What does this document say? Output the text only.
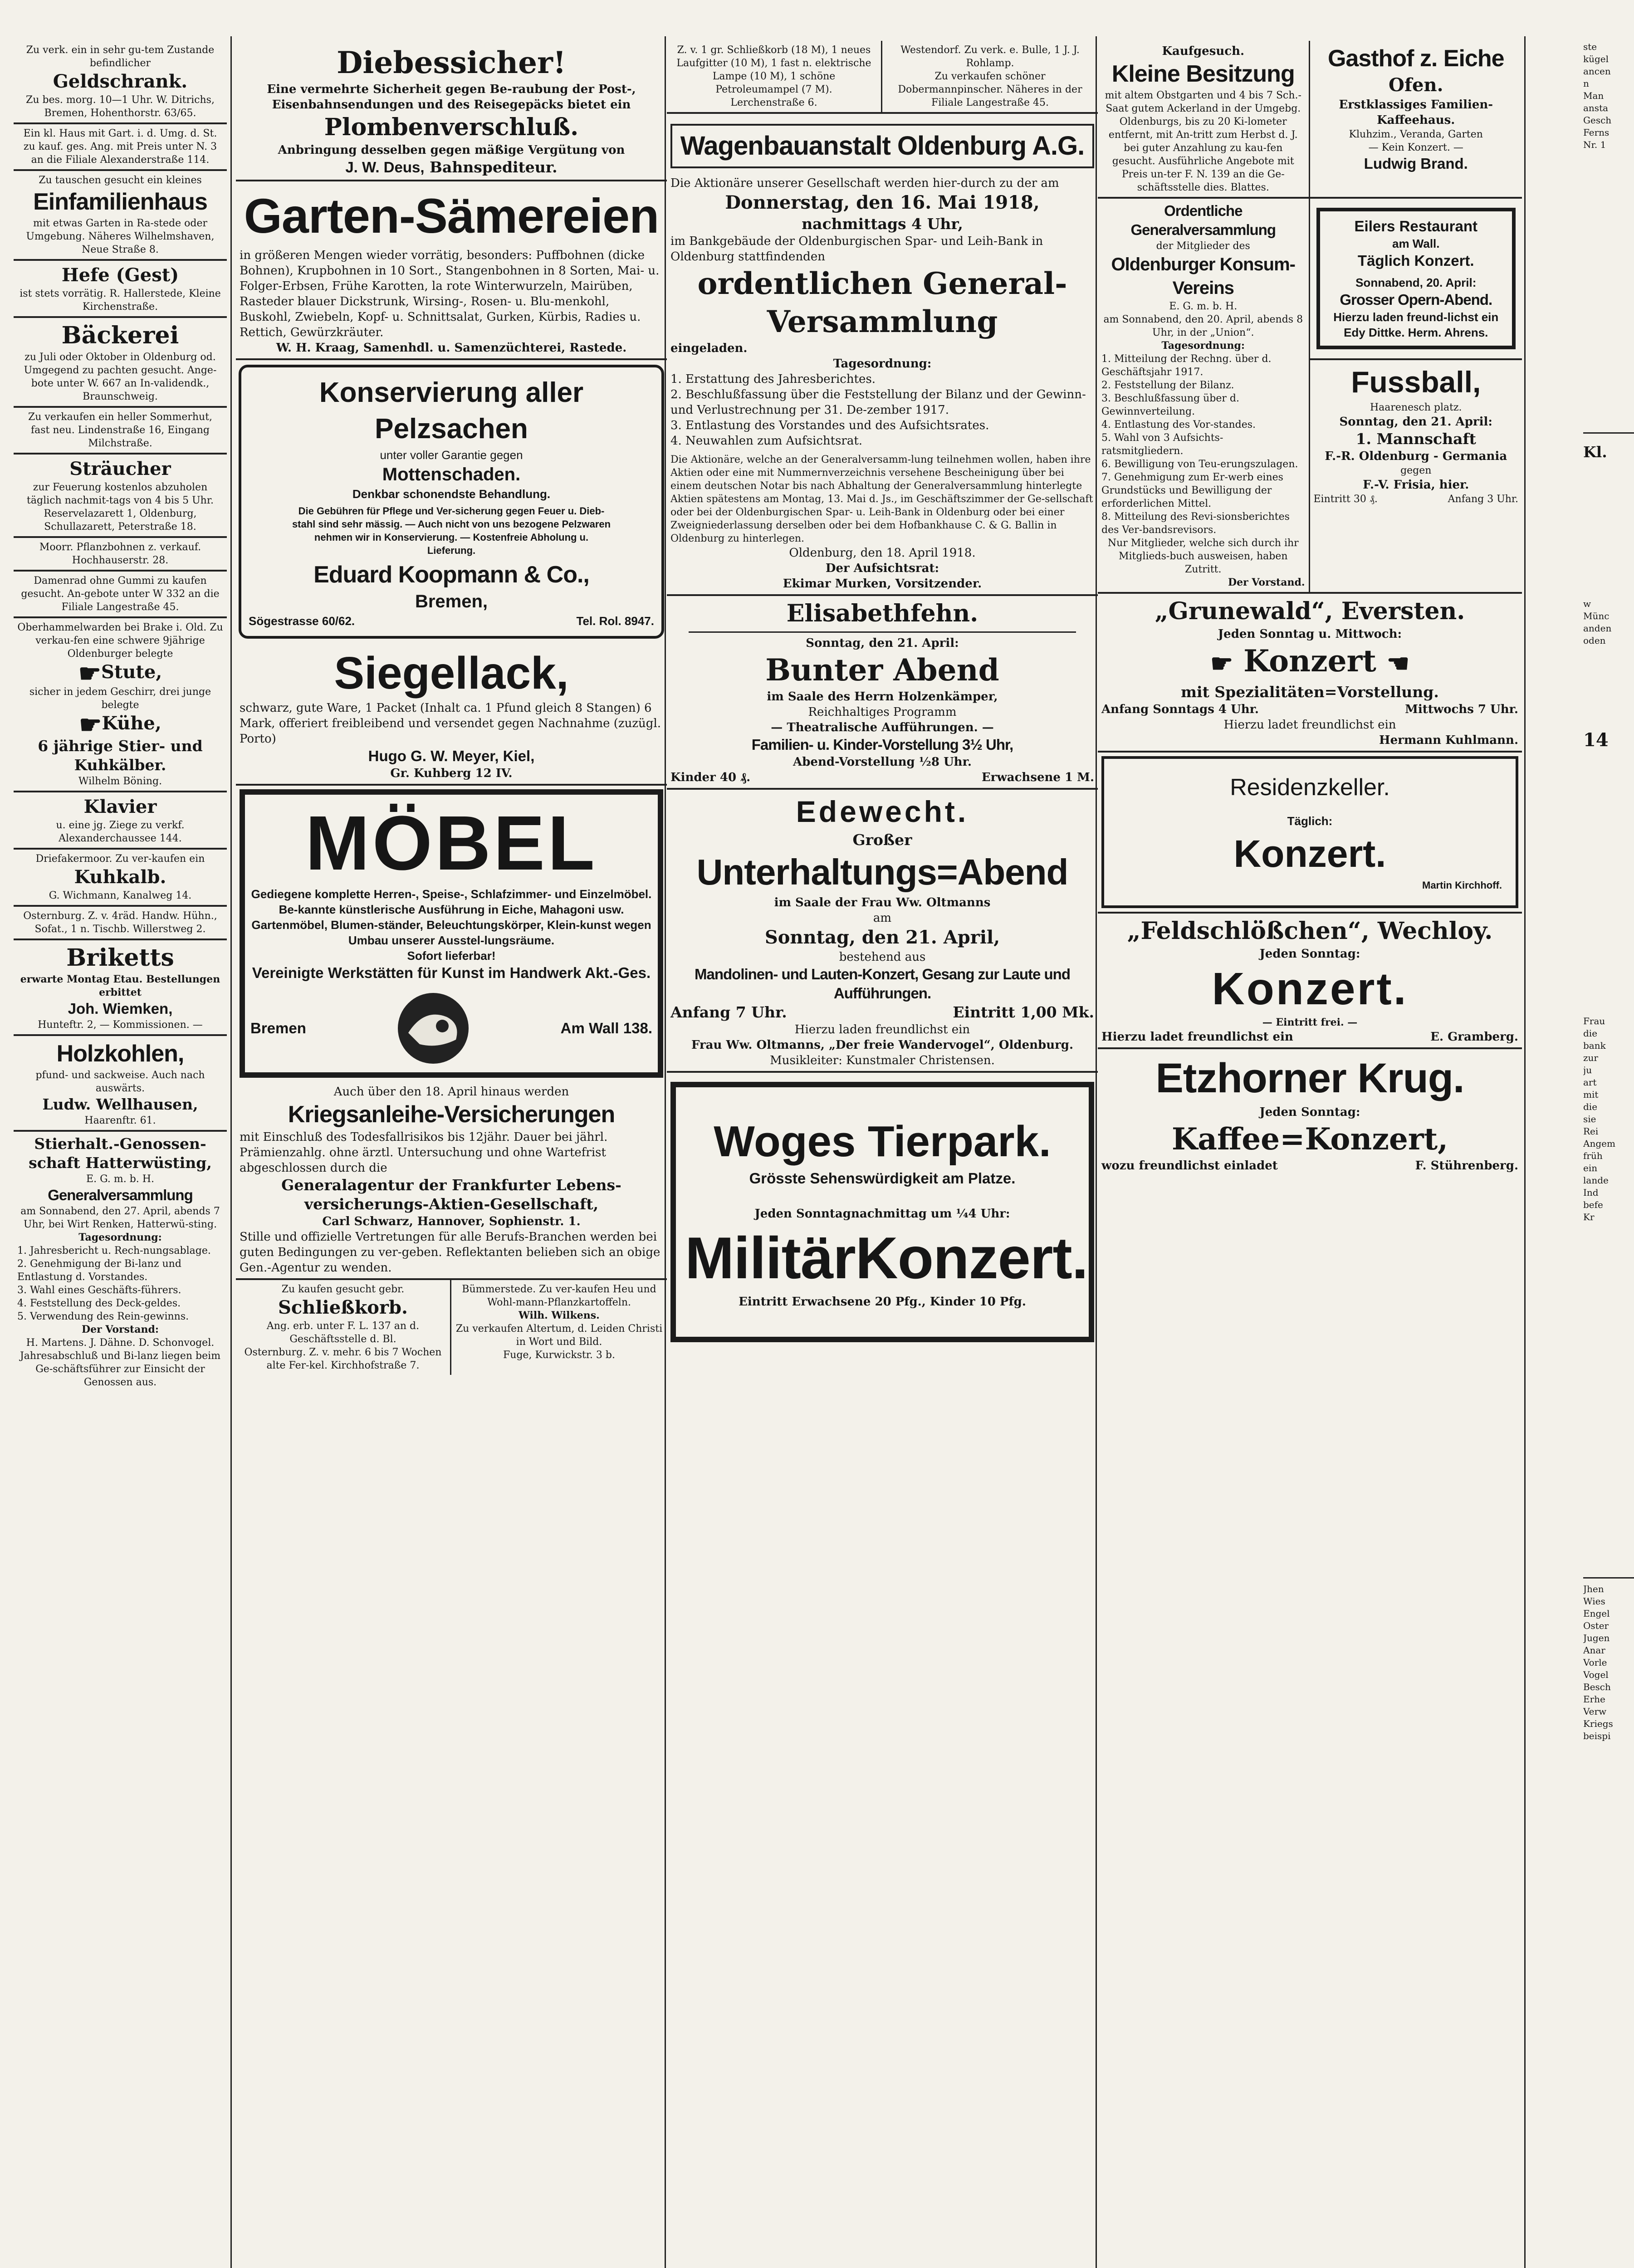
Zu verk. ein in sehr gu-tem Zustande befindlicher
Geldschrank.
Zu bes. morg. 10—1 Uhr. W. Ditrichs, Bremen, Hohenthorstr. 63/65.
Ein kl. Haus mit Gart. i. d. Umg. d. St. zu kauf. ges. Ang. mit Preis unter N. 3 an die Filiale Alexanderstraße 114.
Zu tauschen gesucht ein kleines
Einfamilienhaus
mit etwas Garten in Ra-stede oder Umgebung. Näheres Wilhelmshaven, Neue Straße 8.
Hefe (Gest)
ist stets vorrätig. R. Hallerstede, Kleine Kirchenstraße.
Bäckerei
zu Juli oder Oktober in Oldenburg od. Umgegend zu pachten gesucht. Ange-bote unter W. 667 an In-validendk., Braunschweig.
Zu verkaufen ein heller Sommerhut, fast neu. Lindenstraße 16, Eingang Milchstraße.
Sträucher
zur Feuerung kostenlos abzuholen täglich nachmit-tags von 4 bis 5 Uhr. Reservelazarett 1, Oldenburg, Schullazarett, Peterstraße 18.
Moorr. Pflanzbohnen z. verkauf. Hochhauserstr. 28.
Damenrad ohne Gummi zu kaufen gesucht. An-gebote unter W 332 an die Filiale Langestraße 45.
Oberhammelwarden bei Brake i. Old. Zu verkau-fen eine schwere 9jährige Oldenburger belegte
☛Stute,
sicher in jedem Geschirr, drei junge belegte
☛Kühe,
6 jährige Stier- und Kuhkälber.
Wilhelm Böning.
Klavier
u. eine jg. Ziege zu verkf. Alexanderchaussee 144.
Driefakermoor. Zu ver-kaufen ein
Kuhkalb.
G. Wichmann, Kanalweg 14.
Osternburg. Z. v. 4räd. Handw. Hühn., Sofat., 1 n. Tischb. Willerstweg 2.
Briketts
erwarte Montag Etau. Bestellungen erbittet
Joh. Wiemken,
Hunteftr. 2, — Kommissionen. —
Holzkohlen,
pfund- und sackweise. Auch nach auswärts.
Ludw. Wellhausen,
Haarenftr. 61.
Stierhalt.-Genossen-schaft Hatterwüsting,
E. G. m. b. H.
Generalversammlung
am Sonnabend, den 27. April, abends 7 Uhr, bei Wirt Renken, Hatterwü-sting.
Tagesordnung:
1. Jahresbericht u. Rech-nungsablage.
2. Genehmigung der Bi-lanz und Entlastung d. Vorstandes.
3. Wahl eines Geschäfts-führers.
4. Feststellung des Deck-geldes.
5. Verwendung des Rein-gewinns.
Der Vorstand:
H. Martens. J. Dähne. D. Schonvogel.
Jahresabschluß und Bi-lanz liegen beim Ge-schäftsführer zur Einsicht der Genossen aus.
Diebessicher!
Eine vermehrte Sicherheit gegen Be-raubung der Post-, Eisenbahnsendungen und des Reisegepäcks bietet ein
Plombenverschluß.
Anbringung desselben gegen mäßige Vergütung von
J. W. Deus, Bahnspediteur.
Garten-Sämereien
in größeren Mengen wieder vorrätig, besonders: Puffbohnen (dicke Bohnen), Krupbohnen in 10 Sort., Stangenbohnen in 8 Sorten, Mai- u. Folger-Erbsen, Frühe Karotten, la rote Winterwurzeln, Mairüben, Rasteder blauer Dickstrunk, Wirsing-, Rosen- u. Blu-menkohl, Buskohl, Zwiebeln, Kopf- u. Schnittsalat, Gurken, Kürbis, Radies u. Rettich, Gewürzkräuter.
W. H. Kraag, Samenhdl. u. Samenzüchterei, Rastede.
Konservierung aller Pelzsachen
unter voller Garantie gegen
Mottenschaden.
Denkbar schonendste Behandlung.
Die Gebühren für Pflege und Ver-sicherung gegen Feuer u. Dieb-stahl sind sehr mässig. — Auch nicht von uns bezogene Pelzwaren nehmen wir in Konservierung. — Kostenfreie Abholung u. Lieferung.
Eduard Koopmann & Co.,
Bremen,
Sögestrasse 60/62.	Tel. Rol. 8947.
Siegellack,
schwarz, gute Ware, 1 Packet (Inhalt ca. 1 Pfund gleich 8 Stangen) 6 Mark, offeriert freibleibend und versendet gegen Nachnahme (zuzügl. Porto)
Hugo G. W. Meyer, Kiel,
Gr. Kuhberg 12 IV.
MÖBEL
Gediegene komplette Herren-, Speise-, Schlafzimmer- und Einzelmöbel. Be-kannte künstlerische Ausführung in Eiche, Mahagoni usw. Gartenmöbel, Blumen-ständer, Beleuchtungskörper, Klein-kunst wegen Umbau unserer Ausstel-lungsräume.
Sofort lieferbar!
Vereinigte Werkstätten für Kunst im Handwerk Akt.-Ges.
Bremen	Am Wall 138.
Auch über den 18. April hinaus werden
Kriegsanleihe-Versicherungen
mit Einschluß des Todesfallrisikos bis 12jähr. Dauer bei jährl. Prämienzahlg. ohne ärztl. Untersuchung und ohne Wartefrist abgeschlossen durch die
Generalagentur der Frankfurter Lebens-versicherungs-Aktien-Gesellschaft,
Carl Schwarz, Hannover, Sophienstr. 1.
Stille und offizielle Vertretungen für alle Berufs-Branchen werden bei guten Bedingungen zu ver-geben. Reflektanten belieben sich an obige Gen.-Agentur zu wenden.
Zu kaufen gesucht gebr.
Schließkorb.
Ang. erb. unter F. L. 137 an d. Geschäftsstelle d. Bl.
Osternburg. Z. v. mehr. 6 bis 7 Wochen alte Fer-kel. Kirchhofstraße 7.
Bümmerstede. Zu ver-kaufen Heu und Wohl-mann-Pflanzkartoffeln.
Wilh. Wilkens.
Zu verkaufen Altertum, d. Leiden Christi in Wort und Bild.
Fuge, Kurwickstr. 3 b.
Z. v. 1 gr. Schließkorb (18 M), 1 neues Laufgitter (10 M), 1 fast n. elektrische Lampe (10 M), 1 schöne Petroleumampel (7 M).
Lerchenstraße 6.
Westendorf. Zu verk. e. Bulle, 1 J. J. Rohlamp.
Zu verkaufen schöner Dobermannpinscher. Näheres in der Filiale Langestraße 45.
Wagenbauanstalt Oldenburg A.G.
Die Aktionäre unserer Gesellschaft werden hier-durch zu der am
Donnerstag, den 16. Mai 1918,
nachmittags 4 Uhr,
im Bankgebäude der Oldenburgischen Spar- und Leih-Bank in Oldenburg stattfindenden
ordentlichen General-Versammlung
eingeladen.
Tagesordnung:
1. Erstattung des Jahresberichtes.
2. Beschlußfassung über die Feststellung der Bilanz und der Gewinn- und Verlustrechnung per 31. De-zember 1917.
3. Entlastung des Vorstandes und des Aufsichtsrates.
4. Neuwahlen zum Aufsichtsrat.
Die Aktionäre, welche an der Generalversamm-lung teilnehmen wollen, haben ihre Aktien oder eine mit Nummernverzeichnis versehene Bescheinigung über bei einem deutschen Notar bis nach Abhaltung der Generalversammlung hinterlegte Aktien spätestens am Montag, 13. Mai d. Js., im Geschäftszimmer der Ge-sellschaft oder bei der Oldenburgischen Spar- u. Leih-Bank in Oldenburg oder bei einer Zweigniederlassung derselben oder bei dem Hofbankhause C. & G. Ballin in Oldenburg zu hinterlegen.
Oldenburg, den 18. April 1918.
Der Aufsichtsrat:
Ekimar Murken, Vorsitzender.
Elisabethfehn.
Sonntag, den 21. April:
Bunter Abend
im Saale des Herrn Holzenkämper,
Reichhaltiges Programm
— Theatralische Aufführungen. —
Familien- u. Kinder-Vorstellung 3½ Uhr,
Abend-Vorstellung ½8 Uhr.
Kinder 40 ₰.	Erwachsene 1 M.
Edewecht.
Großer
Unterhaltungs=Abend
im Saale der Frau Ww. Oltmanns
am
Sonntag, den 21. April,
bestehend aus
Mandolinen- und Lauten-Konzert, Gesang zur Laute und Aufführungen.
Anfang 7 Uhr.	Eintritt 1,00 Mk.
Hierzu laden freundlichst ein
Frau Ww. Oltmanns, „Der freie Wandervogel“, Oldenburg.
Musikleiter: Kunstmaler Christensen.
Woges Tierpark.
Grösste Sehenswürdigkeit am Platze.
Jeden Sonntagnachmittag um ¼4 Uhr:
MilitärKonzert.
Eintritt Erwachsene 20 Pfg., Kinder 10 Pfg.
Kaufgesuch.
Kleine Besitzung
mit altem Obstgarten und 4 bis 7 Sch.-Saat gutem Ackerland in der Umgebg. Oldenburgs, bis zu 20 Ki-lometer entfernt, mit An-tritt zum Herbst d. J. bei guter Anzahlung zu kau-fen gesucht. Ausführliche Angebote mit Preis un-ter F. N. 139 an die Ge-schäftsstelle dies. Blattes.
Gasthof z. Eiche
Ofen.
Erstklassiges Familien-Kaffeehaus.
Kluhzim., Veranda, Garten
— Kein Konzert. —
Ludwig Brand.
Ordentliche Generalversammlung
der Mitglieder des
Oldenburger Konsum-Vereins
E. G. m. b. H.
am Sonnabend, den 20. April, abends 8 Uhr, in der „Union“.
Tagesordnung:
1. Mitteilung der Rechng. über d. Geschäftsjahr 1917.
2. Feststellung der Bilanz.
3. Beschlußfassung über d. Gewinnverteilung.
4. Entlastung des Vor-standes.
5. Wahl von 3 Aufsichts-ratsmitgliedern.
6. Bewilligung von Teu-erungszulagen.
7. Genehmigung zum Er-werb eines Grundstücks und Bewilligung der erforderlichen Mittel.
8. Mitteilung des Revi-sionsberichtes des Ver-bandsrevisors.
Nur Mitglieder, welche sich durch ihr Mitglieds-buch ausweisen, haben Zutritt.
Der Vorstand.
Eilers Restaurant
am Wall.
Täglich Konzert.
Sonnabend, 20. April:
Grosser Opern-Abend.
Hierzu laden freund-lichst ein
Edy Dittke. Herm. Ahrens.
Fussball,
Haarenesch platz.
Sonntag, den 21. April:
1. Mannschaft
F.-R. Oldenburg - Germania
gegen
F.-V. Frisia, hier.
Eintritt 30 ₰.	Anfang 3 Uhr.
„Grunewald“, Eversten.
Jeden Sonntag u. Mittwoch:
☛ Konzert ☚
mit Spezialitäten=Vorstellung.
Anfang Sonntags 4 Uhr.	Mittwochs 7 Uhr.
Hierzu ladet freundlichst ein
Hermann Kuhlmann.
Residenzkeller.
Täglich:
Konzert.
Martin Kirchhoff.
„Feldschlößchen“, Wechloy.
Jeden Sonntag:
Konzert.
— Eintritt frei. —
Hierzu ladet freundlichst ein	E. Gramberg.
Etzhorner Krug.
Jeden Sonntag:
Kaffee=Konzert,
wozu freundlichst einladet	F. Stührenberg.
ste
kügel
ancen
n
Man
ansta
Gesch
Ferns
Nr. 1
Kl.
w
Münc
anden
oden
14
Frau
die
bank
zur
ju
art
mit
die
sie
Rei
Angem
früh
ein
lande
Ind
befe
Kr
Jhen
Wies
Engel
Oster
Jugen
Anar
Vorle
Vogel
Besch
Erhe
Verw
Kriegs
beispi
